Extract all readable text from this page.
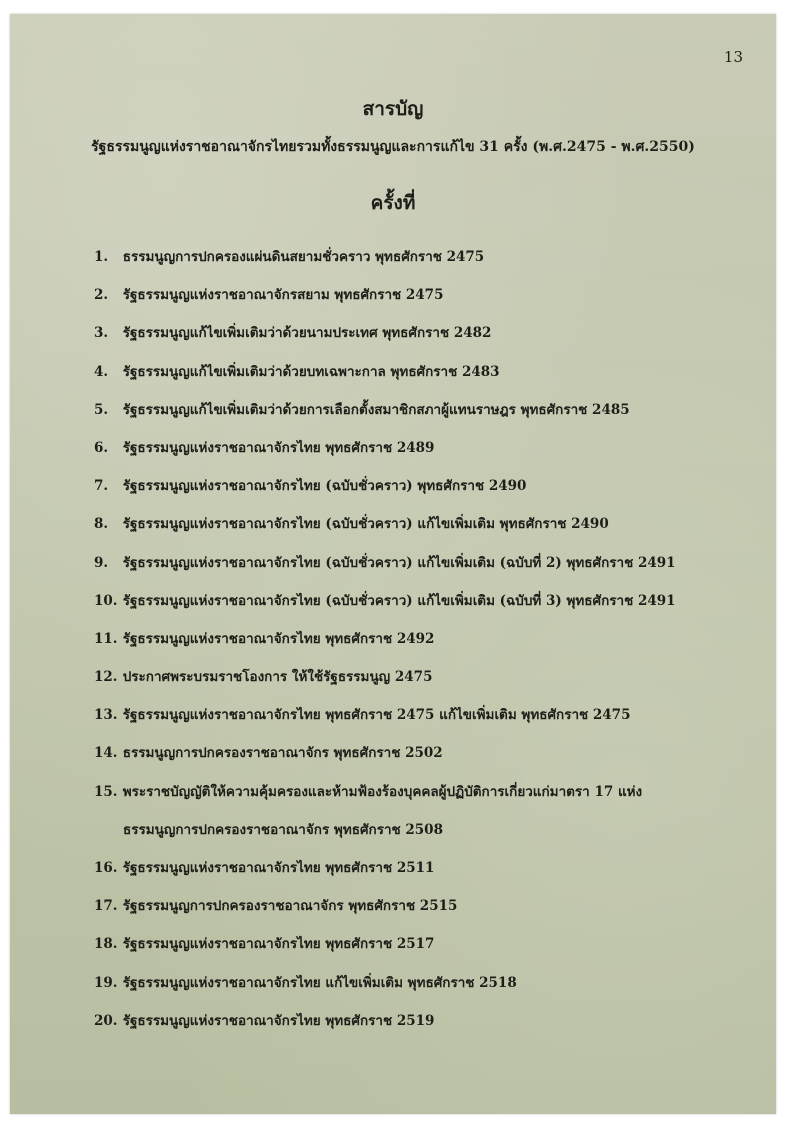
13
สารบัญ
รัฐธรรมนูญแห่งราชอาณาจักรไทยรวมทั้งธรรมนูญและการแก้ไข 31 ครั้ง (พ.ศ.2475 - พ.ศ.2550)
ครั้งที่
1. ธรรมนูญการปกครองแผ่นดินสยามชั่วคราว พุทธศักราช 2475
2. รัฐธรรมนูญแห่งราชอาณาจักรสยาม พุทธศักราช 2475
3. รัฐธรรมนูญแก้ไขเพิ่มเติมว่าด้วยนามประเทศ พุทธศักราช 2482
4. รัฐธรรมนูญแก้ไขเพิ่มเติมว่าด้วยบทเฉพาะกาล พุทธศักราช 2483
5. รัฐธรรมนูญแก้ไขเพิ่มเติมว่าด้วยการเลือกตั้งสมาชิกสภาผู้แทนราษฎร พุทธศักราช 2485
6. รัฐธรรมนูญแห่งราชอาณาจักรไทย พุทธศักราช 2489
7. รัฐธรรมนูญแห่งราชอาณาจักรไทย (ฉบับชั่วคราว) พุทธศักราช 2490
8. รัฐธรรมนูญแห่งราชอาณาจักรไทย (ฉบับชั่วคราว) แก้ไขเพิ่มเติม พุทธศักราช 2490
9. รัฐธรรมนูญแห่งราชอาณาจักรไทย (ฉบับชั่วคราว) แก้ไขเพิ่มเติม (ฉบับที่ 2) พุทธศักราช 2491
10. รัฐธรรมนูญแห่งราชอาณาจักรไทย (ฉบับชั่วคราว) แก้ไขเพิ่มเติม (ฉบับที่ 3) พุทธศักราช 2491
11. รัฐธรรมนูญแห่งราชอาณาจักรไทย พุทธศักราช 2492
12. ประกาศพระบรมราชโองการ ให้ใช้รัฐธรรมนูญ 2475
13. รัฐธรรมนูญแห่งราชอาณาจักรไทย พุทธศักราช 2475 แก้ไขเพิ่มเติม พุทธศักราช 2475
14. ธรรมนูญการปกครองราชอาณาจักร พุทธศักราช 2502
15. พระราชบัญญัติให้ความคุ้มครองและห้ามฟ้องร้องบุคคลผู้ปฏิบัติการเกี่ยวแก่มาตรา 17 แห่ง
ธรรมนูญการปกครองราชอาณาจักร พุทธศักราช 2508
16. รัฐธรรมนูญแห่งราชอาณาจักรไทย พุทธศักราช 2511
17. รัฐธรรมนูญการปกครองราชอาณาจักร พุทธศักราช 2515
18. รัฐธรรมนูญแห่งราชอาณาจักรไทย พุทธศักราช 2517
19. รัฐธรรมนูญแห่งราชอาณาจักรไทย แก้ไขเพิ่มเติม พุทธศักราช 2518
20. รัฐธรรมนูญแห่งราชอาณาจักรไทย พุทธศักราช 2519
